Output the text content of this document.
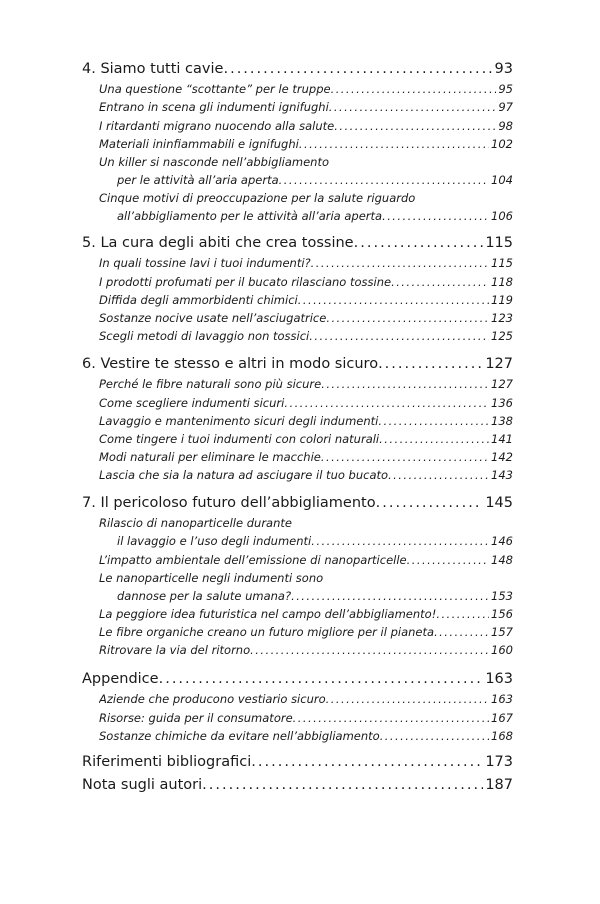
4. Siamo tutti cavie . . .	93
Una questione “scottante” per le truppe . . .	95
Entrano in scena gli indumenti ignifughi . . .	97
I ritardanti migrano nuocendo alla salute . . .	98
Materiali ininfiammabili e ignifughi . . .	102
Un killer si nasconde nell’abbigliamento
per le attività all’aria aperta . . .	104
Cinque motivi di preoccupazione per la salute riguardo
all’abbigliamento per le attività all’aria aperta . . .	106
5. La cura degli abiti che crea tossine . . .	115
In quali tossine lavi i tuoi indumenti? . . .	115
I prodotti profumati per il bucato rilasciano tossine . . .	118
Diffida degli ammorbidenti chimici . . .	119
Sostanze nocive usate nell’asciugatrice . . .	123
Scegli metodi di lavaggio non tossici . . .	125
6. Vestire te stesso e altri in modo sicuro . . .	127
Perché le fibre naturali sono più sicure . . .	127
Come scegliere indumenti sicuri . . .	136
Lavaggio e mantenimento sicuri degli indumenti . . .	138
Come tingere i tuoi indumenti con colori naturali . . .	141
Modi naturali per eliminare le macchie . . .	142
Lascia che sia la natura ad asciugare il tuo bucato . . .	143
7. Il pericoloso futuro dell’abbigliamento . . .	145
Rilascio di nanoparticelle durante
il lavaggio e l’uso degli indumenti . . .	146
L’impatto ambientale dell’emissione di nanoparticelle . . .	148
Le nanoparticelle negli indumenti sono
dannose per la salute umana? . . .	153
La peggiore idea futuristica nel campo dell’abbigliamento! . . .	156
Le fibre organiche creano un futuro migliore per il pianeta . . .	157
Ritrovare la via del ritorno . . .	160
Appendice . . .	163
Aziende che producono vestiario sicuro . . .	163
Risorse: guida per il consumatore . . .	167
Sostanze chimiche da evitare nell’abbigliamento . . .	168
Riferimenti bibliografici . . .	173
Nota sugli autori . . .	187
